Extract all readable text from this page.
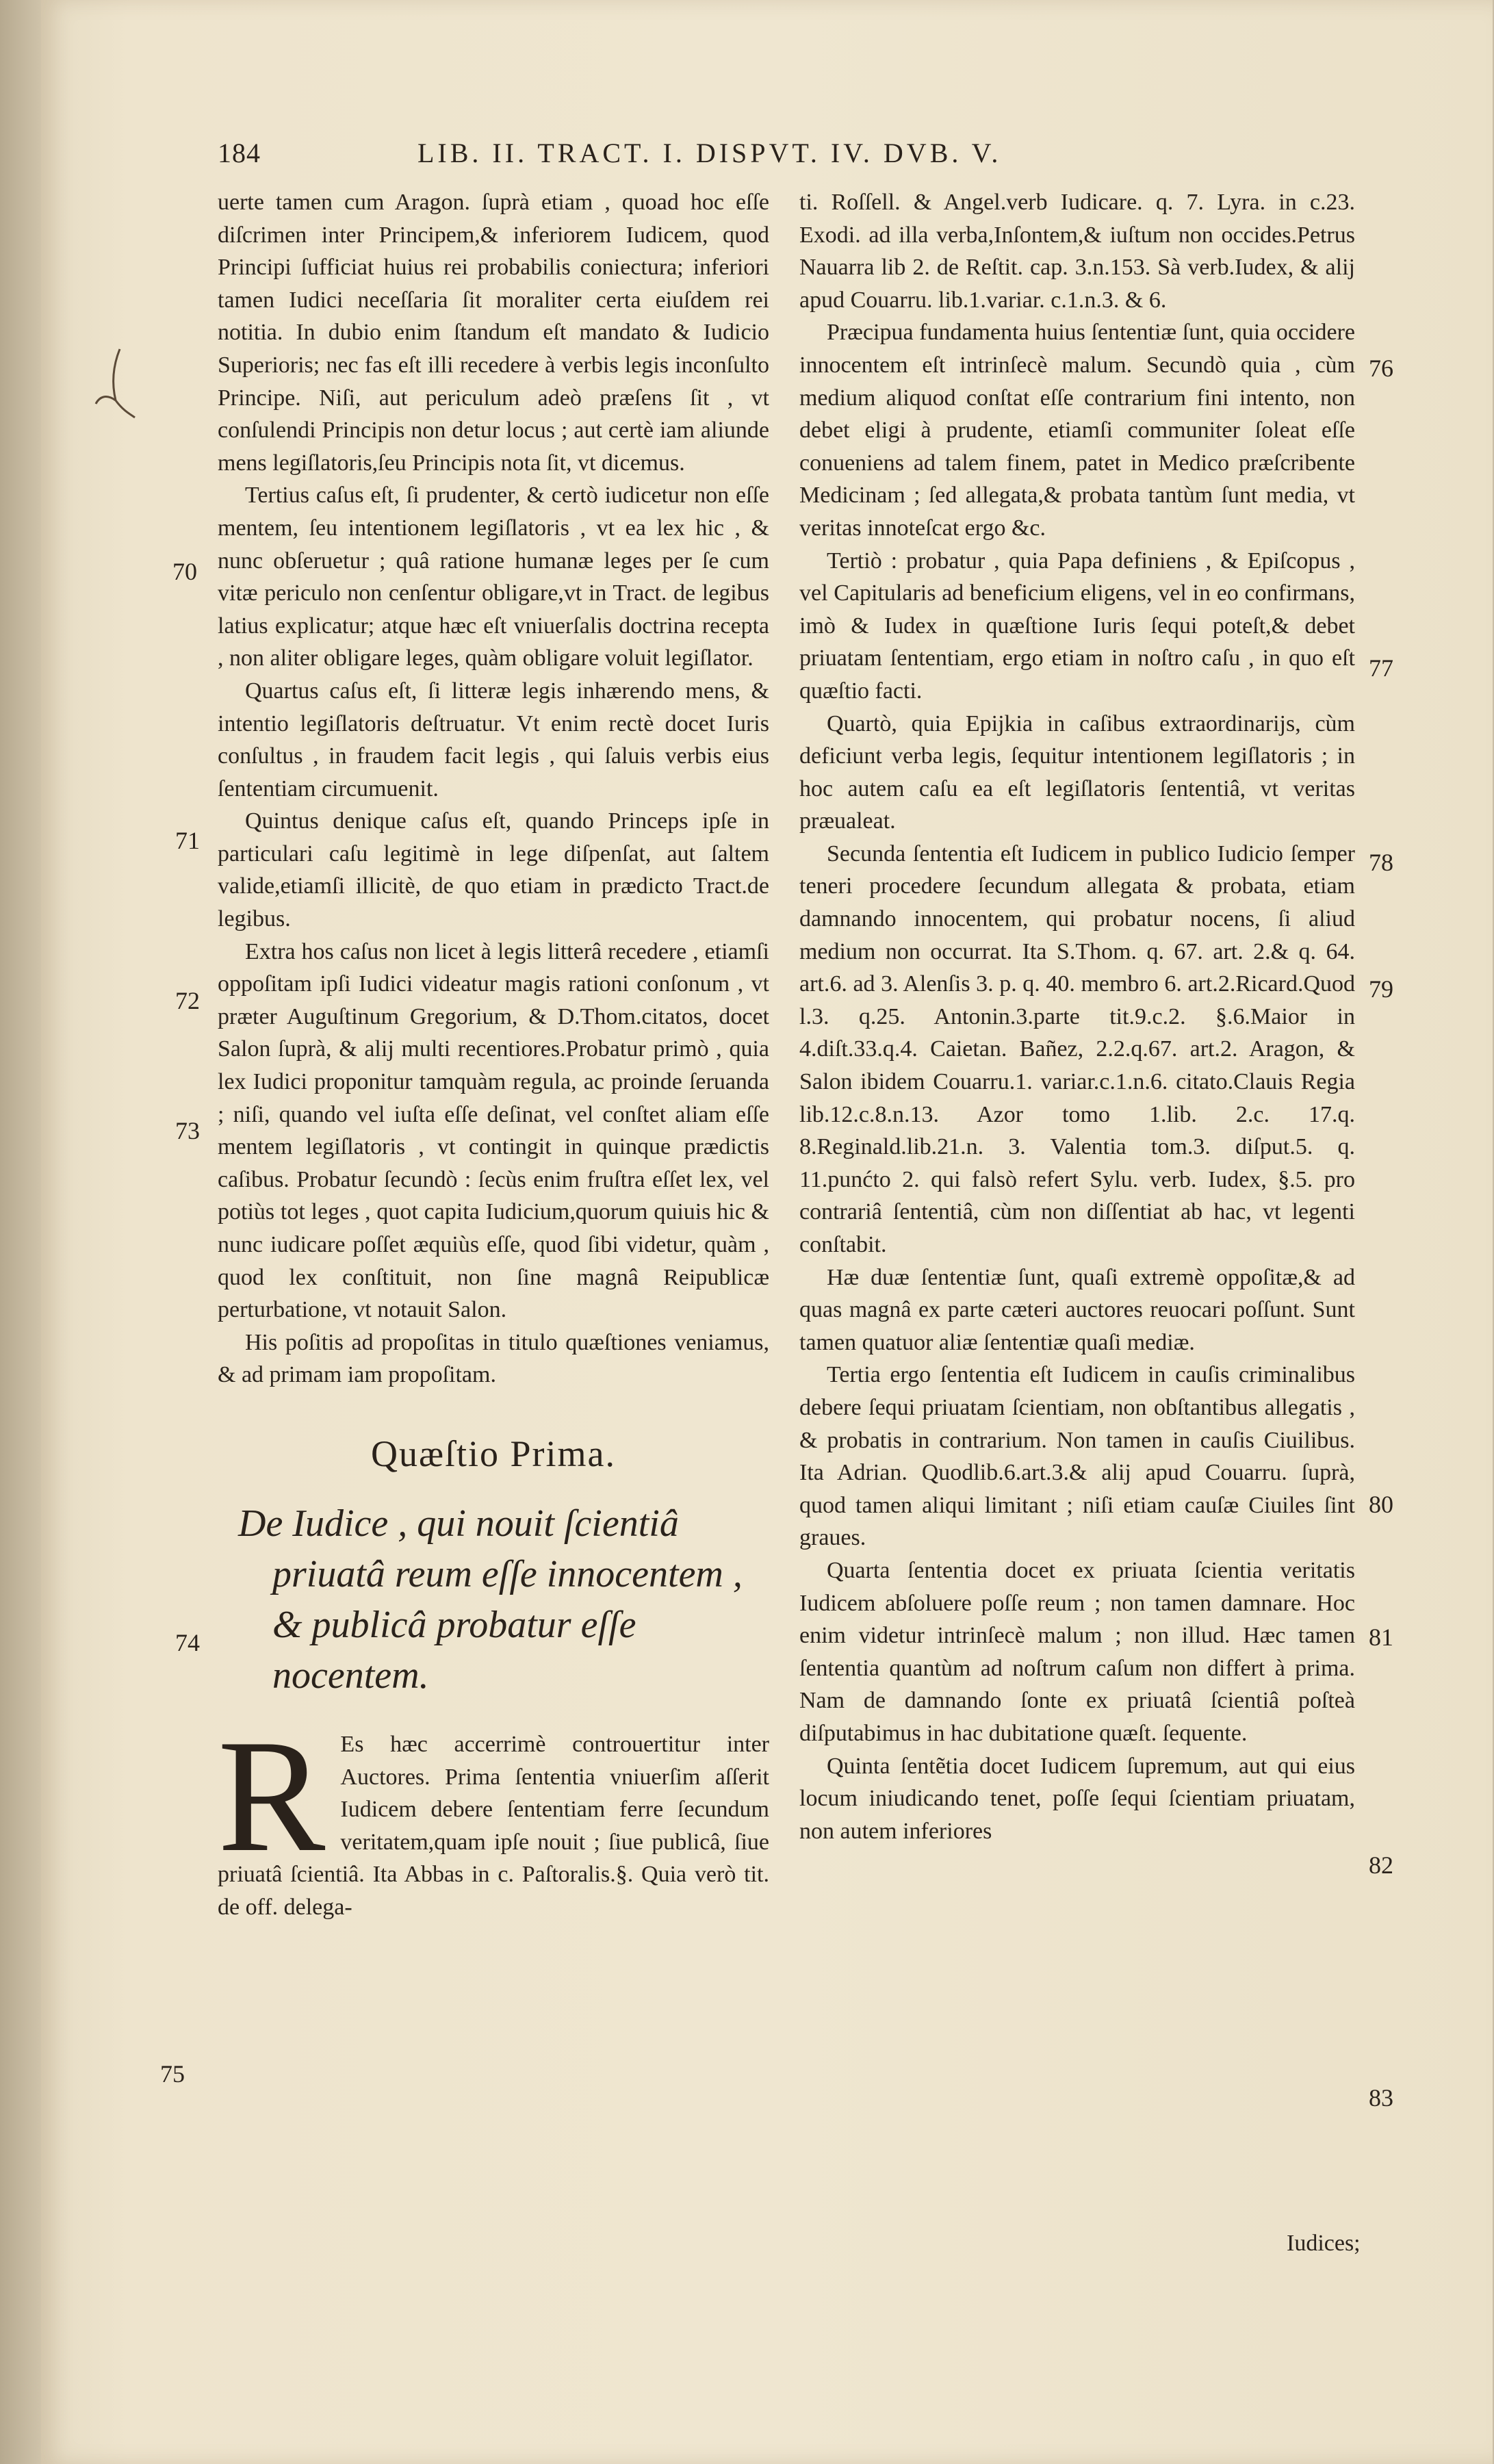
184	LIB. II. TRACT. I. DISPVT. IV. DVB. V.

uerte tamen cum Aragon. ſuprà etiam , quoad hoc eſſe diſcrimen inter Principem,& inferiorem Iudicem, quod Principi ſufficiat huius rei probabilis coniectura; inferiori tamen Iudici neceſſaria ſit moraliter certa eiuſdem rei notitia. In dubio enim ſtandum eſt mandato & Iudicio Superioris; nec fas eſt illi recedere à verbis legis inconſulto Principe. Niſi, aut periculum adeò præſens ſit , vt conſulendi Principis non detur locus ; aut certè iam aliunde mens legiſlatoris,ſeu Principis nota ſit, vt dicemus.

Tertius caſus eſt, ſi prudenter, & certò iudicetur non eſſe mentem, ſeu intentionem legiſlatoris , vt ea lex hic , & nunc obſeruetur ; quâ ratione humanæ leges per ſe cum vitæ periculo non cenſentur obligare,vt in Tract. de legibus latius explicatur; atque hæc eſt vniuerſalis doctrina recepta , non aliter obligare leges, quàm obligare voluit legiſlator.

Quartus caſus eſt, ſi litteræ legis inhærendo mens, & intentio legiſlatoris deſtruatur. Vt enim rectè docet Iuris conſultus , in fraudem facit legis , qui ſaluis verbis eius ſententiam circumuenit.

Quintus denique caſus eſt, quando Princeps ipſe in particulari caſu legitimè in lege diſpenſat, aut ſaltem valide,etiamſi illicitè, de quo etiam in prædicto Tract.de legibus.

Extra hos caſus non licet à legis litterâ recedere , etiamſi oppoſitam ipſi Iudici videatur magis rationi conſonum , vt præter Auguſtinum Gregorium, & D.Thom.citatos, docet Salon ſuprà, & alij multi recentiores.Probatur primò , quia lex Iudici proponitur tamquàm regula, ac proinde ſeruanda ; niſi, quando vel iuſta eſſe deſinat, vel conſtet aliam eſſe mentem legiſlatoris , vt contingit in quinque prædictis caſibus. Probatur ſecundò : ſecùs enim fruſtra eſſet lex, vel potiùs tot leges , quot capita Iudicium,quorum quiuis hic & nunc iudicare poſſet æquiùs eſſe, quod ſibi videtur, quàm , quod lex conſtituit, non ſine magnâ Reipublicæ perturbatione, vt notauit Salon.

His poſitis ad propoſitas in titulo quæſtiones veniamus, & ad primam iam propoſitam.

Quæſtio Prima.
De Iudice , qui nouit ſcientiâ priuatâ reum eſſe innocentem , & publicâ probatur eſſe nocentem.
R Es hæc accerrimè controuertitur inter Auctores. Prima ſententia vniuerſim aſſerit Iudicem debere ſententiam ferre ſecundum veritatem,quam ipſe nouit ; ſiue publicâ, ſiue priuatâ ſcientiâ. Ita Abbas in c. Paſtoralis.§. Quia verò tit. de off. delega-

70
71
72
73
74
75

ti. Roſſell. & Angel.verb Iudicare. q. 7. Lyra. in c.23. Exodi. ad illa verba,Inſontem,& iuſtum non occides.Petrus Nauarra lib 2. de Reſtit. cap. 3.n.153. Sà verb.Iudex, & alij apud Couarru. lib.1.variar. c.1.n.3. & 6.

Præcipua fundamenta huius ſententiæ ſunt, quia occidere innocentem eſt intrinſecè malum. Secundò quia , cùm medium aliquod conſtat eſſe contrarium fini intento, non debet eligi à prudente, etiamſi communiter ſoleat eſſe conueniens ad talem finem, patet in Medico præſcribente Medicinam ; ſed allegata,& probata tantùm ſunt media, vt veritas innoteſcat ergo &c.

Tertiò : probatur , quia Papa definiens , & Epiſcopus , vel Capitularis ad beneficium eligens, vel in eo confirmans, imò & Iudex in quæſtione Iuris ſequi poteſt,& debet priuatam ſententiam, ergo etiam in noſtro caſu , in quo eſt quæſtio facti.

Quartò, quia Epijkia in caſibus extraordinarijs, cùm deficiunt verba legis, ſequitur intentionem legiſlatoris ; in hoc autem caſu ea eſt legiſlatoris ſententiâ, vt veritas præualeat.

Secunda ſententia eſt Iudicem in publico Iudicio ſemper teneri procedere ſecundum allegata & probata, etiam damnando innocentem, qui probatur nocens, ſi aliud medium non occurrat. Ita S.Thom. q. 67. art. 2.& q. 64. art.6. ad 3. Alenſis 3. p. q. 40. membro 6. art.2.Ricard.Quod l.3. q.25. Antonin.3.parte tit.9.c.2. §.6.Maior in 4.diſt.33.q.4. Caietan. Bañez, 2.2.q.67. art.2. Aragon, & Salon ibidem Couarru.1. variar.c.1.n.6. citato.Clauis Regia lib.12.c.8.n.13. Azor tomo 1.lib. 2.c. 17.q. 8.Reginald.lib.21.n. 3. Valentia tom.3. diſput.5. q. 11.punćto 2. qui falsò refert Sylu. verb. Iudex, §.5. pro contrariâ ſententiâ, cùm non diſſentiat ab hac, vt legenti conſtabit.

Hæ duæ ſententiæ ſunt, quaſi extremè oppoſitæ,& ad quas magnâ ex parte cæteri auctores reuocari poſſunt. Sunt tamen quatuor aliæ ſententiæ quaſi mediæ.

Tertia ergo ſententia eſt Iudicem in cauſis criminalibus debere ſequi priuatam ſcientiam, non obſtantibus allegatis , & probatis in contrarium. Non tamen in cauſis Ciuilibus. Ita Adrian. Quodlib.6.art.3.& alij apud Couarru. ſuprà, quod tamen aliqui limitant ; niſi etiam cauſæ Ciuiles ſint graues.

Quarta ſententia docet ex priuata ſcientia veritatis Iudicem abſoluere poſſe reum ; non tamen damnare. Hoc enim videtur intrinſecè malum ; non illud. Hæc tamen ſententia quantùm ad noſtrum caſum non differt à prima. Nam de damnando ſonte ex priuatâ ſcientiâ poſteà diſputabimus in hac dubitatione quæſt. ſequente.

Quinta ſentẽtia docet Iudicem ſupremum, aut qui eius locum iniudicando tenet, poſſe ſequi ſcientiam priuatam, non autem inferiores

Iudices;
76
77
78
79
80
81
82
83
